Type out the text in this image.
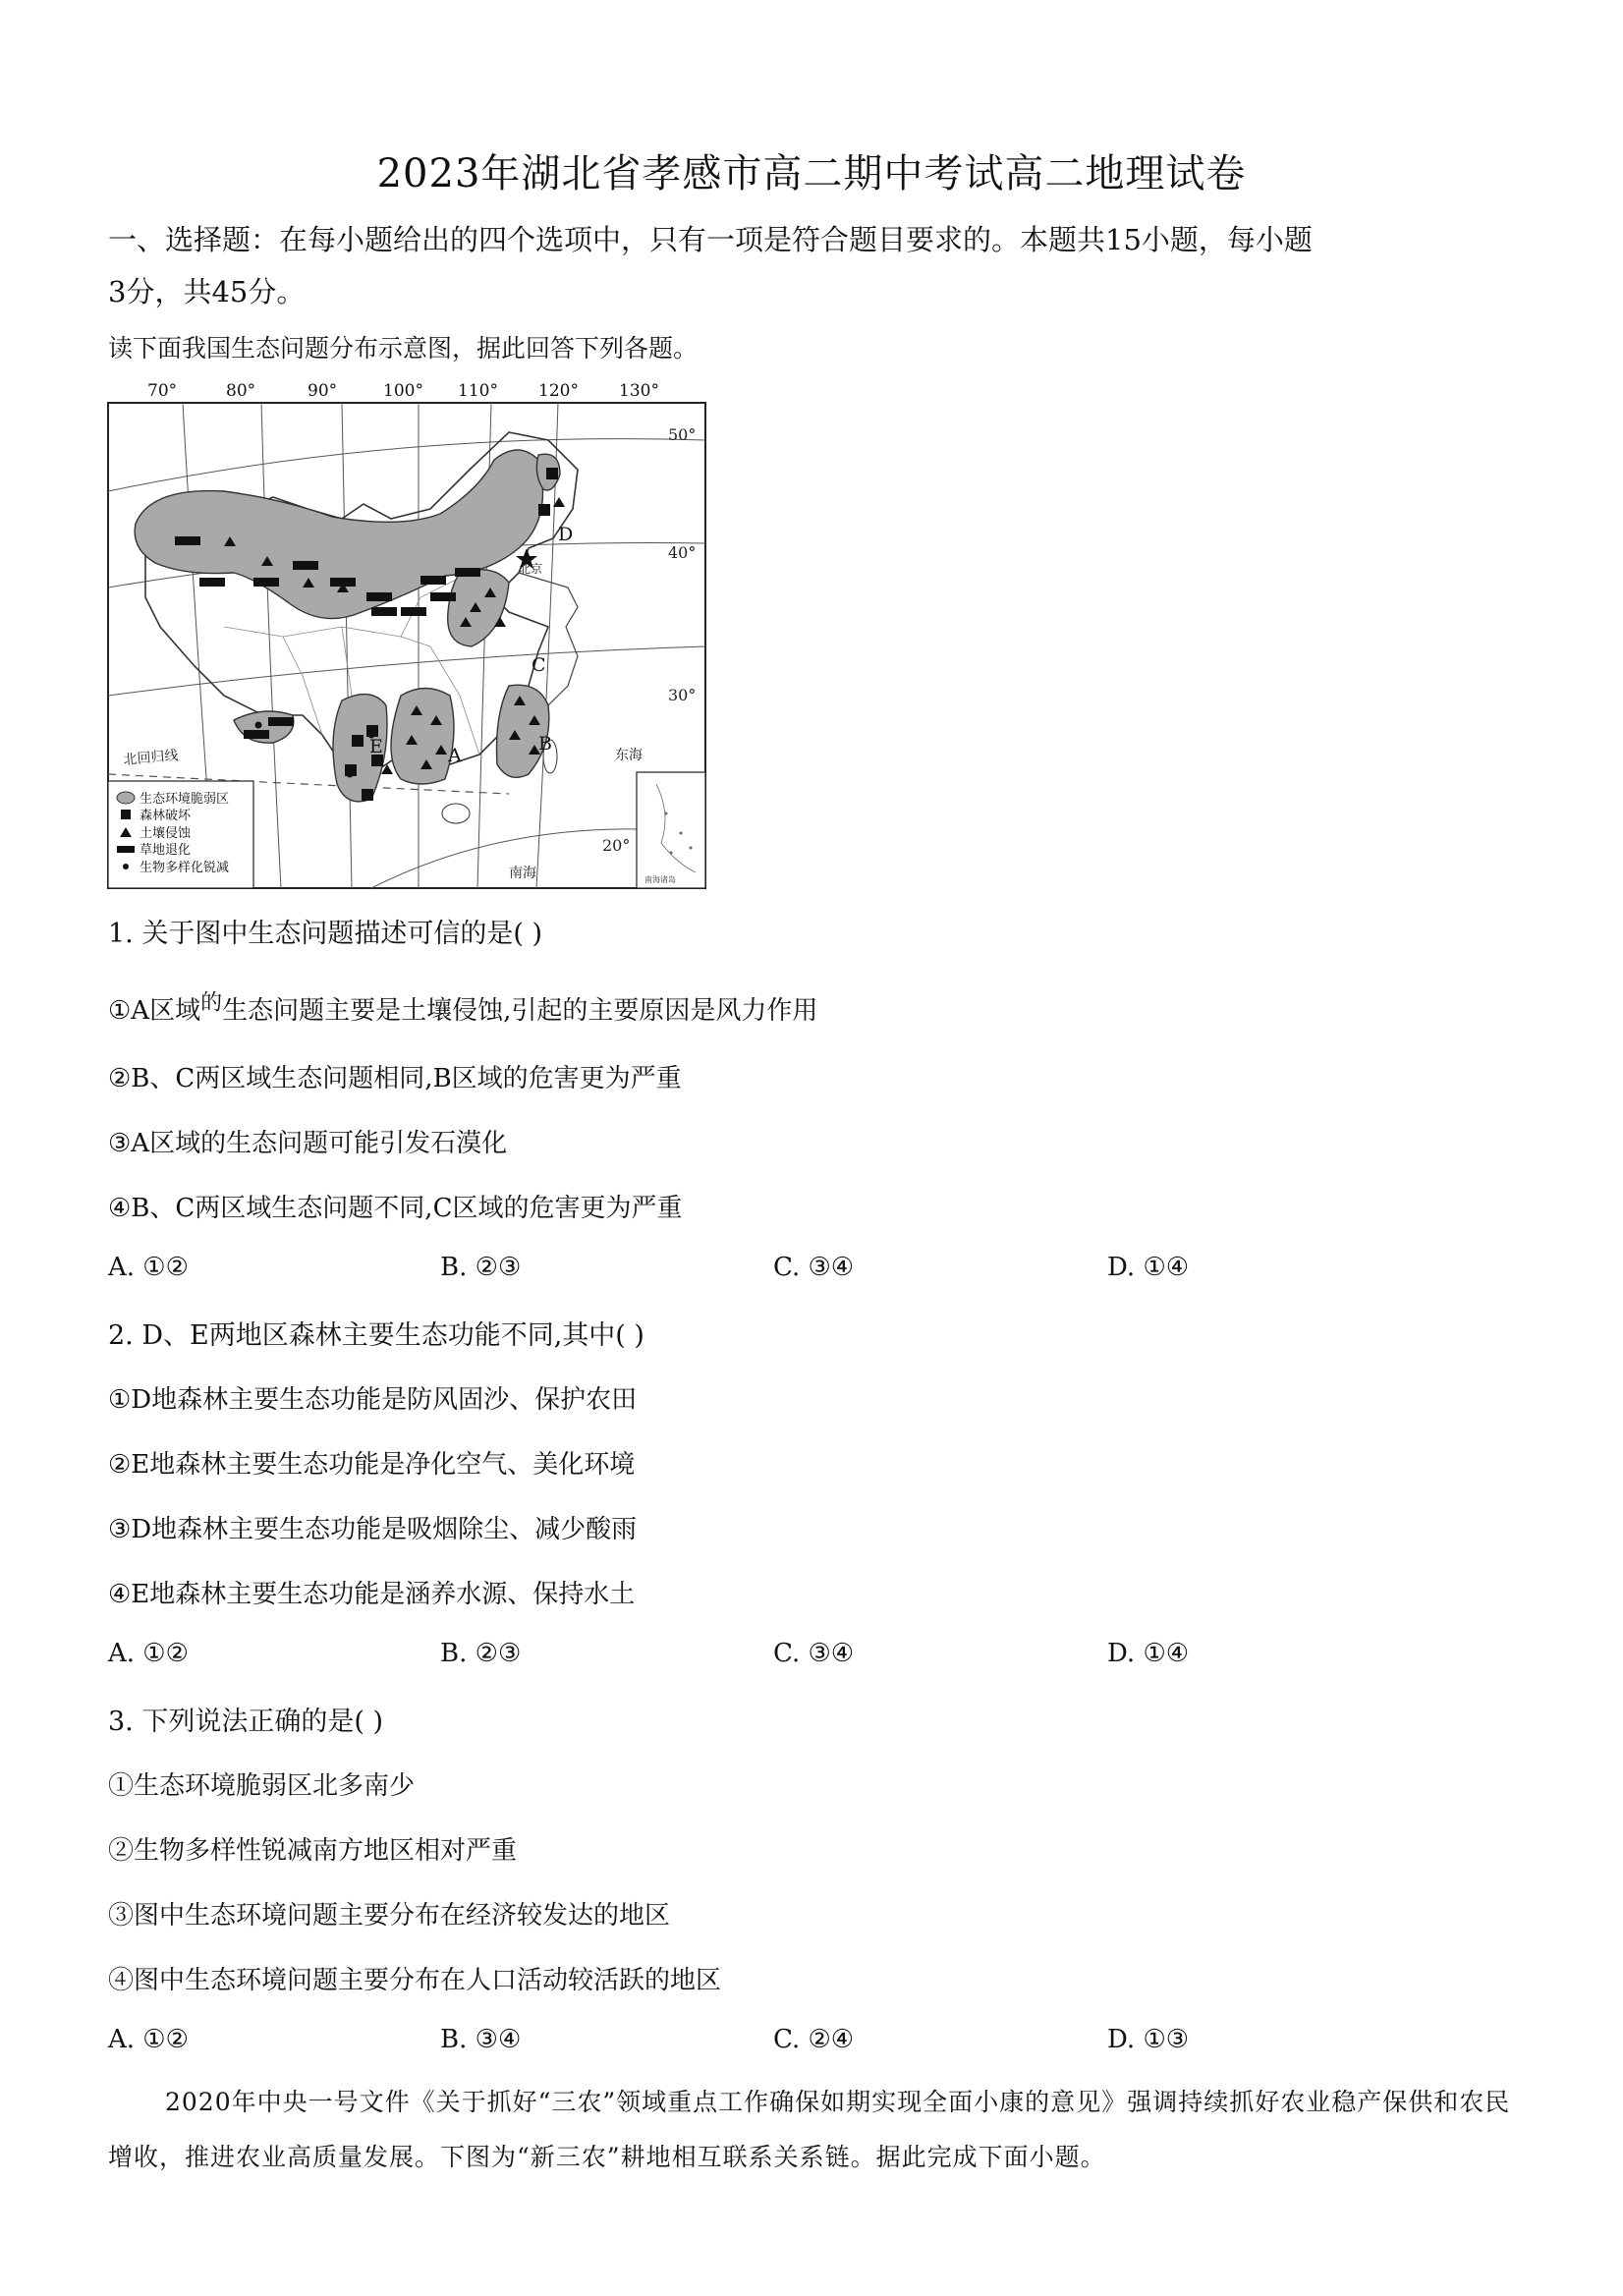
2023年湖北省孝感市高二期中考试高二地理试卷
一、选择题：在每小题给出的四个选项中，只有一项是符合题目要求的。本题共15小题，每小题
3分，共45分。
读下面我国生态问题分布示意图，据此回答下列各题。
D
C
A
B
E
北京
东海
南海
北回归线
50°
40°
30°
20°
南海诸岛
生态环境脆弱区
森林破坏
土壤侵蚀
草地退化
生物多样化锐减
70°	80°	90°	100° 110° 120° 130°
1. 关于图中生态问题描述可信的是( )
①A区域$^的$生态问题主要是土壤侵蚀,引起的主要原因是风力作用
②B、C两区域生态问题相同,B区域的危害更为严重
③A区域的生态问题可能引发石漠化
④B、C两区域生态问题不同,C区域的危害更为严重
A. ①②	B. ②③	C. ③④	D. ①④
2. D、E两地区森林主要生态功能不同,其中( )
①D地森林主要生态功能是防风固沙、保护农田
②E地森林主要生态功能是净化空气、美化环境
③D地森林主要生态功能是吸烟除尘、减少酸雨
④E地森林主要生态功能是涵养水源、保持水土
A. ①②	B. ②③	C. ③④	D. ①④
3. 下列说法正确的是( )
①生态环境脆弱区北多南少
②生物多样性锐减南方地区相对严重
③图中生态环境问题主要分布在经济较发达的地区
④图中生态环境问题主要分布在人口活动较活跃的地区
A. ①②	B. ③④	C. ②④	D. ①③
2020年中央一号文件《关于抓好“三农”领域重点工作确保如期实现全面小康的意见》强调持续抓好农业稳产保供和农民增收，推进农业高质量发展。下图为“新三农”耕地相互联系关系链。据此完成下面小题。
